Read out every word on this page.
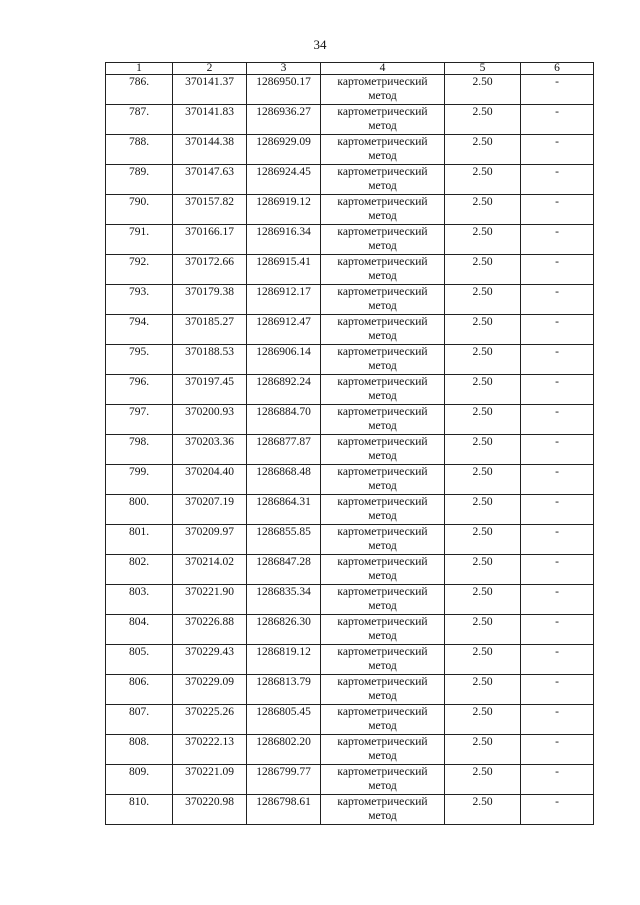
34
1	2	3	4	5	6
786.	370141.37	1286950.17	картометрический метод	2.50	-
787.	370141.83	1286936.27	картометрический метод	2.50	-
788.	370144.38	1286929.09	картометрический метод	2.50	-
789.	370147.63	1286924.45	картометрический метод	2.50	-
790.	370157.82	1286919.12	картометрический метод	2.50	-
791.	370166.17	1286916.34	картометрический метод	2.50	-
792.	370172.66	1286915.41	картометрический метод	2.50	-
793.	370179.38	1286912.17	картометрический метод	2.50	-
794.	370185.27	1286912.47	картометрический метод	2.50	-
795.	370188.53	1286906.14	картометрический метод	2.50	-
796.	370197.45	1286892.24	картометрический метод	2.50	-
797.	370200.93	1286884.70	картометрический метод	2.50	-
798.	370203.36	1286877.87	картометрический метод	2.50	-
799.	370204.40	1286868.48	картометрический метод	2.50	-
800.	370207.19	1286864.31	картометрический метод	2.50	-
801.	370209.97	1286855.85	картометрический метод	2.50	-
802.	370214.02	1286847.28	картометрический метод	2.50	-
803.	370221.90	1286835.34	картометрический метод	2.50	-
804.	370226.88	1286826.30	картометрический метод	2.50	-
805.	370229.43	1286819.12	картометрический метод	2.50	-
806.	370229.09	1286813.79	картометрический метод	2.50	-
807.	370225.26	1286805.45	картометрический метод	2.50	-
808.	370222.13	1286802.20	картометрический метод	2.50	-
809.	370221.09	1286799.77	картометрический метод	2.50	-
810.	370220.98	1286798.61	картометрический метод	2.50	-
